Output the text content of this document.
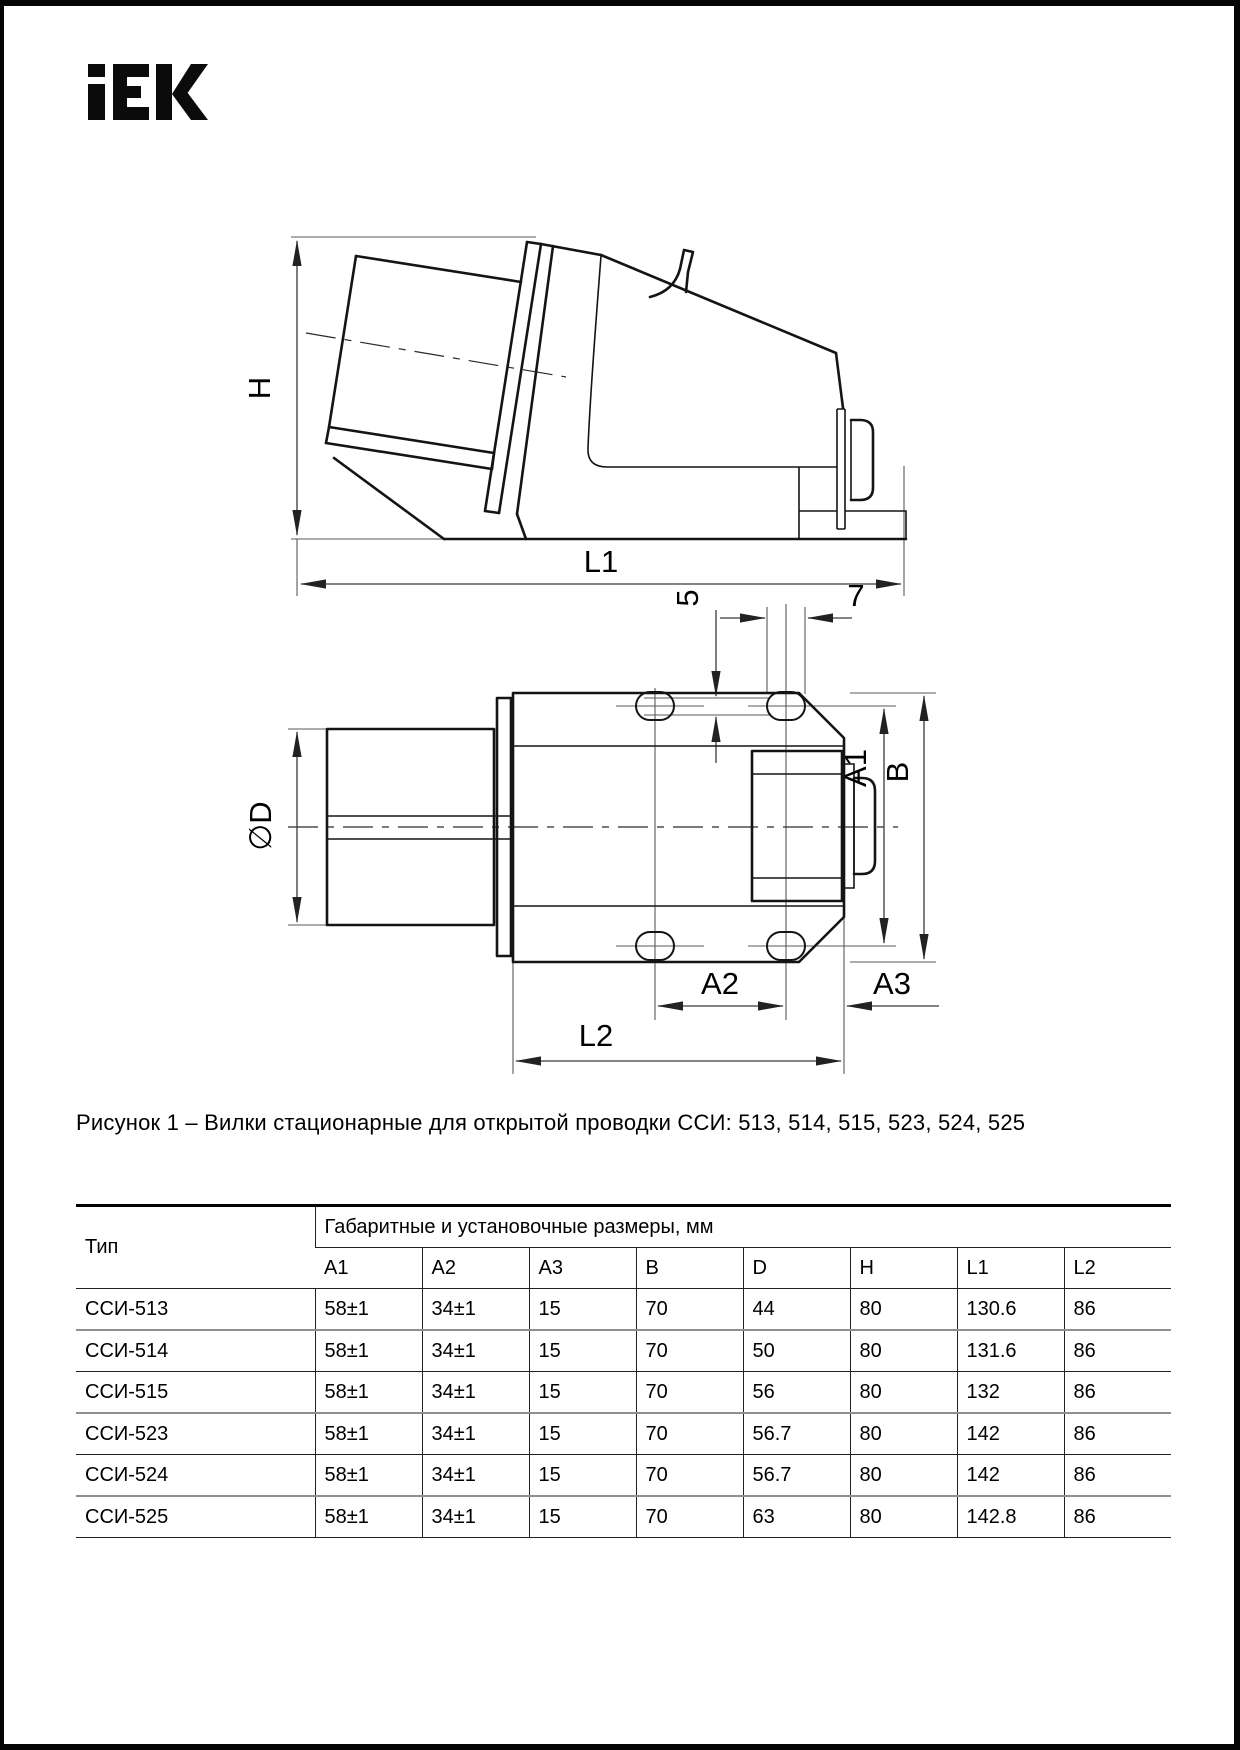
H
L1
∅D
5	7
A1 B
A2	A3
L2
Рисунок 1 – Вилки стационарные для открытой проводки ССИ: 513, 514, 515, 523, 524, 525
Тип	Габаритные и установочные размеры, мм							
	A1	A2	A3	B	D	H	L1	L2
ССИ-513	58±1	34±1	15	70	44	80	130.6	86
ССИ-514	58±1	34±1	15	70	50	80	131.6	86
ССИ-515	58±1	34±1	15	70	56	80	132	86
ССИ-523	58±1	34±1	15	70	56.7	80	142	86
ССИ-524	58±1	34±1	15	70	56.7	80	142	86
ССИ-525	58±1	34±1	15	70	63	80	142.8	86
